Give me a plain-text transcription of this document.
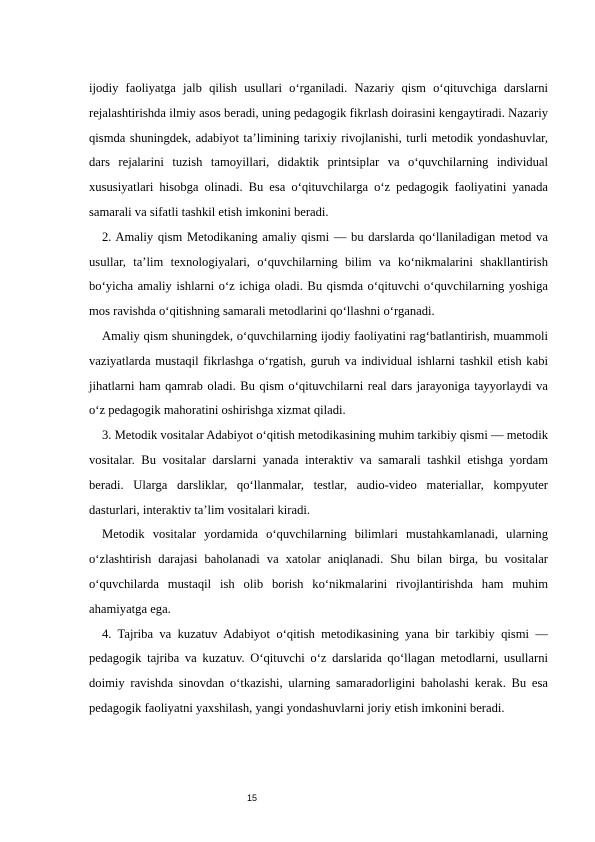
ijodiy faoliyatga jalb qilish usullari o‘rganiladi. Nazariy qism o‘qituvchiga darslarni rejalashtirishda ilmiy asos beradi, uning pedagogik fikrlash doirasini kengaytiradi. Nazariy qismda shuningdek, adabiyot ta’limining tarixiy rivojlanishi, turli metodik yondashuvlar, dars rejalarini tuzish tamoyillari, didaktik printsiplar va o‘quvchilarning individual xususiyatlari hisobga olinadi. Bu esa o‘qituvchilarga o‘z pedagogik faoliyatini yanada samarali va sifatli tashkil etish imkonini beradi.

2. Amaliy qism Metodikaning amaliy qismi — bu darslarda qo‘llaniladigan metod va usullar, ta’lim texnologiyalari, o‘quvchilarning bilim va ko‘nikmalarini shakllantirish bo‘yicha amaliy ishlarni o‘z ichiga oladi. Bu qismda o‘qituvchi o‘quvchilarning yoshiga mos ravishda o‘qitishning samarali metodlarini qo‘llashni o‘rganadi.

Amaliy qism shuningdek, o‘quvchilarning ijodiy faoliyatini rag‘batlantirish, muammoli vaziyatlarda mustaqil fikrlashga o‘rgatish, guruh va individual ishlarni tashkil etish kabi jihatlarni ham qamrab oladi. Bu qism o‘qituvchilarni real dars jarayoniga tayyorlaydi va o‘z pedagogik mahoratini oshirishga xizmat qiladi.

3. Metodik vositalar Adabiyot o‘qitish metodikasining muhim tarkibiy qismi — metodik vositalar. Bu vositalar darslarni yanada interaktiv va samarali tashkil etishga yordam beradi. Ularga darsliklar, qo‘llanmalar, testlar, audio-video materiallar, kompyuter dasturlari, interaktiv ta’lim vositalari kiradi.

Metodik vositalar yordamida o‘quvchilarning bilimlari mustahkamlanadi, ularning o‘zlashtirish darajasi baholanadi va xatolar aniqlanadi. Shu bilan birga, bu vositalar o‘quvchilarda mustaqil ish olib borish ko‘nikmalarini rivojlantirishda ham muhim ahamiyatga ega.

4. Tajriba va kuzatuv Adabiyot o‘qitish metodikasining yana bir tarkibiy qismi — pedagogik tajriba va kuzatuv. O‘qituvchi o‘z darslarida qo‘llagan metodlarni, usullarni doimiy ravishda sinovdan o‘tkazishi, ularning samaradorligini baholashi kerak. Bu esa pedagogik faoliyatni yaxshilash, yangi yondashuvlarni joriy etish imkonini beradi.

15
